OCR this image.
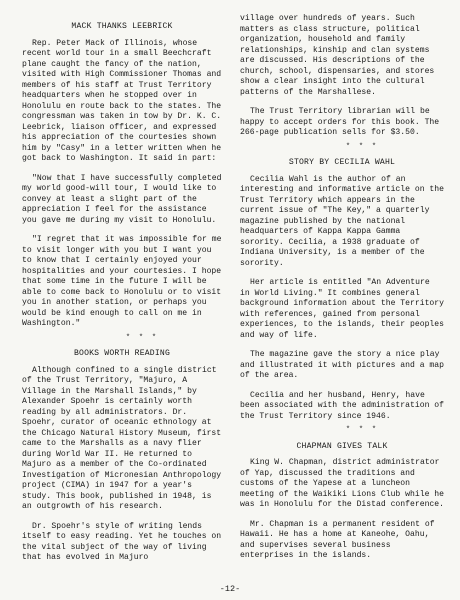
MACK THANKS LEEBRICK

Rep. Peter Mack of Illinois, whose recent world tour in a small Beechcraft plane caught the fancy of the nation, visited with High Commissioner Thomas and members of his staff at Trust Territory headquarters when he stopped over in Honolulu en route back to the states. The congressman was taken in tow by Dr. K. C. Leebrick, liaison officer, and expressed his appreciation of the courtesies shown him by "Casy" in a letter written when he got back to Washington. It said in part:

"Now that I have successfully completed my world good-will tour, I would like to convey at least a slight part of the appreciation I feel for the assistance you gave me during my visit to Honolulu.

"I regret that it was impossible for me to visit longer with you but I want you to know that I certainly enjoyed your hospitalities and your courtesies. I hope that some time in the future I will be able to come back to Honolulu or to visit you in another station, or perhaps you would be kind enough to call on me in Washington."

* * *
BOOKS WORTH READING

Although confined to a single district of the Trust Territory, "Majuro, A Village in the Marshall Islands," by Alexander Spoehr is certainly worth reading by all administrators. Dr. Spoehr, curator of oceanic ethnology at the Chicago Natural History Museum, first came to the Marshalls as a navy flier during World War II. He returned to Majuro as a member of the Co-ordinated Investigation of Micronesian Anthropology project (CIMA) in 1947 for a year's study. This book, published in 1948, is an outgrowth of his research.

Dr. Spoehr's style of writing lends itself to easy reading. Yet he touches on the vital subject of the way of living that has evolved in Majuro

village over hundreds of years. Such matters as class structure, political organization, household and family relationships, kinship and clan systems are discussed. His descriptions of the church, school, dispensaries, and stores show a clear insight into the cultural patterns of the Marshallese.

The Trust Territory librarian will be happy to accept orders for this book. The 266-page publication sells for $3.50.

* * *
STORY BY CECILIA WAHL

Cecilia Wahl is the author of an interesting and informative article on the Trust Territory which appears in the current issue of "The Key," a quarterly magazine published by the national headquarters of Kappa Kappa Gamma sorority. Cecilia, a 1938 graduate of Indiana University, is a member of the sorority.

Her article is entitled "An Adventure in World Living." It combines general background information about the Territory with references, gained from personal experiences, to the islands, their peoples and way of life.

The magazine gave the story a nice play and illustrated it with pictures and a map of the area.

Cecilia and her husband, Henry, have been associated with the administration of the Trust Territory since 1946.

* * *
CHAPMAN GIVES TALK

King W. Chapman, district administrator of Yap, discussed the traditions and customs of the Yapese at a luncheon meeting of the Waikiki Lions Club while he was in Honolulu for the Distad conference.

Mr. Chapman is a permanent resident of Hawaii. He has a home at Kaneohe, Oahu, and supervises several business enterprises in the islands.

-12-
